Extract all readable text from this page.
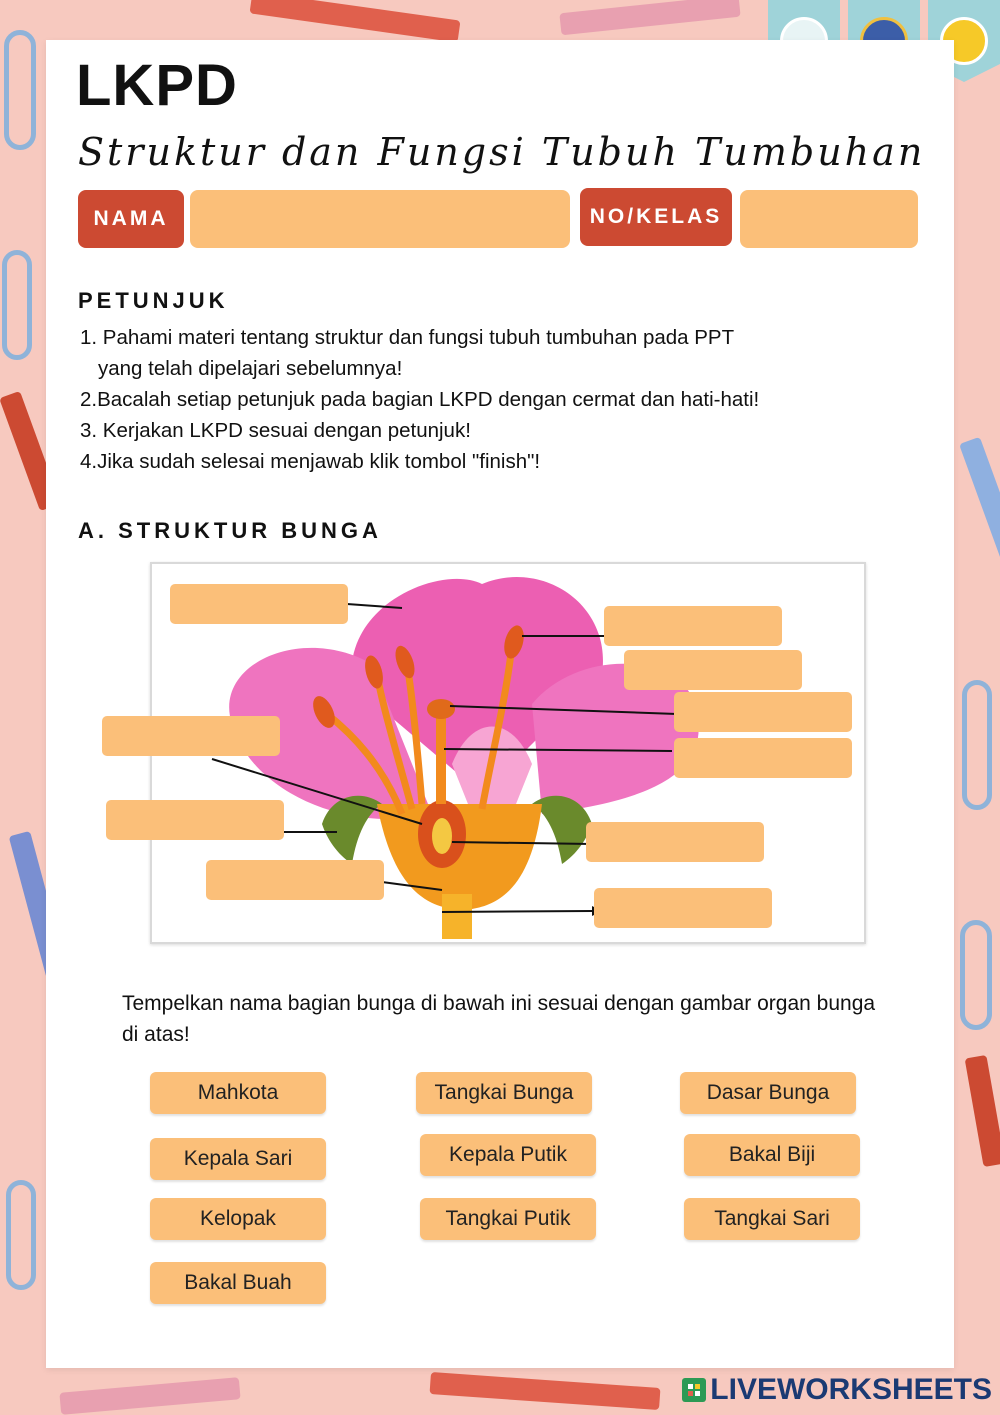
LKPD
Struktur dan Fungsi Tubuh Tumbuhan
NAMA	NO/KELAS
PETUNJUK
1. Pahami materi tentang struktur dan fungsi tubuh tumbuhan pada PPT
yang telah dipelajari sebelumnya!
2.Bacalah setiap petunjuk pada bagian LKPD dengan cermat dan hati-hati!
3. Kerjakan LKPD sesuai dengan petunjuk!
4.Jika sudah selesai menjawab klik tombol "finish"!
A. STRUKTUR BUNGA
Tempelkan nama bagian bunga di bawah ini sesuai dengan gambar organ bunga di atas!
Mahkota	Tangkai Bunga	Dasar Bunga
Kepala Sari	Kepala Putik	Bakal Biji
Kelopak	Tangkai Putik	Tangkai Sari
Bakal Buah
LIVEWORKSHEETS
